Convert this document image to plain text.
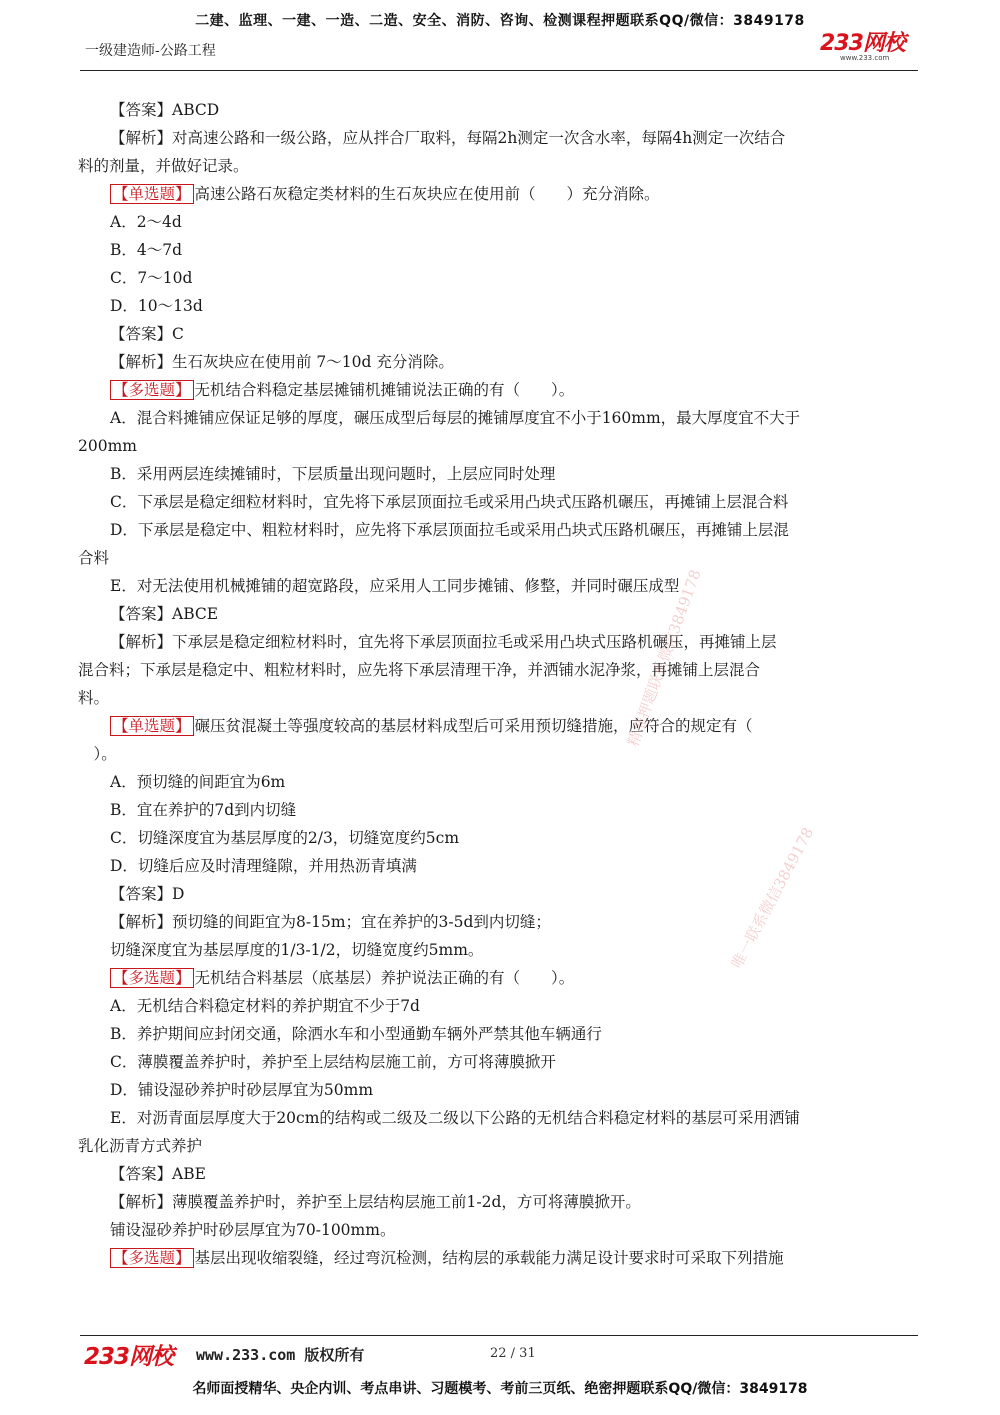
二建、监理、一建、一造、二造、安全、消防、咨询、检测课程押题联系QQ/微信：3849178
一级建造师-公路工程	233网校
www.233.com
【答案】ABCD
【解析】对高速公路和一级公路，应从拌合厂取料，每隔2h测定一次含水率，每隔4h测定一次结合
料的剂量，并做好记录。
【单选题】 高速公路石灰稳定类材料的生石灰块应在使用前（　　）充分消除。
A．2～4d
B．4～7d
C．7～10d
D．10～13d
【答案】C
【解析】生石灰块应在使用前 7～10d 充分消除。
【多选题】 无机结合料稳定基层摊铺机摊铺说法正确的有（　　）。
A．混合料摊铺应保证足够的厚度，碾压成型后每层的摊铺厚度宜不小于160mm，最大厚度宜不大于
200mm
B．采用两层连续摊铺时，下层质量出现问题时，上层应同时处理
C．下承层是稳定细粒材料时，宜先将下承层顶面拉毛或采用凸块式压路机碾压，再摊铺上层混合料
D．下承层是稳定中、粗粒材料时，应先将下承层顶面拉毛或采用凸块式压路机碾压，再摊铺上层混
合料
E．对无法使用机械摊铺的超宽路段，应采用人工同步摊铺、修整，并同时碾压成型
【答案】ABCE
【解析】下承层是稳定细粒材料时，宜先将下承层顶面拉毛或采用凸块式压路机碾压，再摊铺上层
混合料；下承层是稳定中、粗粒材料时，应先将下承层清理干净，并洒铺水泥净浆，再摊铺上层混合
料。
【单选题】 碾压贫混凝土等强度较高的基层材料成型后可采用预切缝措施，应符合的规定有（
　）。
A．预切缝的间距宜为6m
B．宜在养护的7d到内切缝
C．切缝深度宜为基层厚度的2/3，切缝宽度约5cm
D．切缝后应及时清理缝隙，并用热沥青填满
【答案】D
【解析】预切缝的间距宜为8-15m；宜在养护的3-5d到内切缝；
切缝深度宜为基层厚度的1/3-1/2，切缝宽度约5mm。
【多选题】 无机结合料基层（底基层）养护说法正确的有（　　）。
A．无机结合料稳定材料的养护期宜不少于7d
B．养护期间应封闭交通，除洒水车和小型通勤车辆外严禁其他车辆通行
C．薄膜覆盖养护时，养护至上层结构层施工前，方可将薄膜掀开
D．铺设湿砂养护时砂层厚宜为50mm
E．对沥青面层厚度大于20cm的结构或二级及二级以下公路的无机结合料稳定材料的基层可采用洒铺
乳化沥青方式养护
【答案】ABE
【解析】薄膜覆盖养护时，养护至上层结构层施工前1-2d，方可将薄膜掀开。
铺设湿砂养护时砂层厚宜为70-100mm。
【多选题】 基层出现收缩裂缝，经过弯沉检测，结构层的承载能力满足设计要求时可采取下列措施
精准押题联系微信3849178
唯一联系微信3849178
233网校 www.233.com 版权所有	22 / 31
名师面授精华、央企内训、考点串讲、习题模考、考前三页纸、绝密押题联系QQ/微信：3849178
